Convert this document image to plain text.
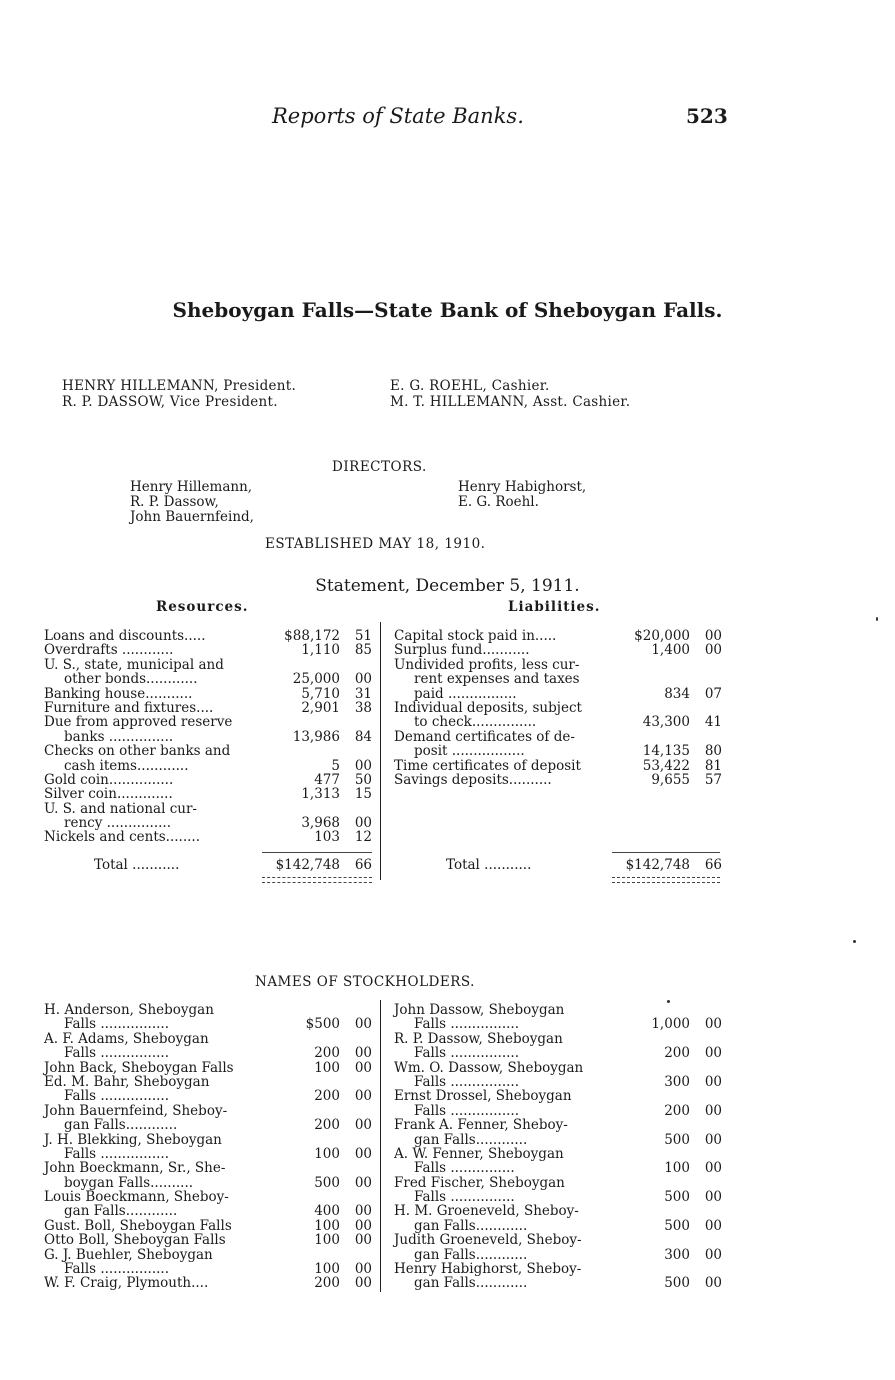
Reports of State Banks.	523
Sheboygan Falls—State Bank of Sheboygan Falls.
HENRY HILLEMANN, President.
R. P. DASSOW, Vice President.
E. G. ROEHL, Cashier.
M. T. HILLEMANN, Asst. Cashier.
DIRECTORS.
Henry Hillemann,
R. P. Dassow,
John Bauernfeind,
Henry Habighorst,
E. G. Roehl.
ESTABLISHED MAY 18, 1910.
Statement, December 5, 1911.
Resources.	Liabilities.
Loans and discounts.....	$88,172 51
Overdrafts ............	1,110 85
U. S., state, municipal and
other bonds............	25,000 00
Banking house...........	5,710 31
Furniture and fixtures....	2,901 38
Due from approved reserve
banks ...............	13,986 84
Checks on other banks and
cash items............	5 00
Gold coin...............	477 50
Silver coin.............	1,313 15
U. S. and national cur-
rency ...............	3,968 00
Nickels and cents........	103 12
Capital stock paid in.....	$20,000 00
Surplus fund...........	1,400 00
Undivided profits, less cur-
rent expenses and taxes
paid ................	834 07
Individual deposits, subject
to check...............	43,300 41
Demand certificates of de-
posit .................	14,135 80
Time certificates of deposit	53,422 81
Savings deposits..........	9,655 57
Total ...........	$142,748 66	Total ...........	$142,748 66
NAMES OF STOCKHOLDERS.
H. Anderson, Sheboygan
Falls ................	$500 00
A. F. Adams, Sheboygan
Falls ................	200 00
John Back, Sheboygan Falls	100 00
Ed. M. Bahr, Sheboygan
Falls ................	200 00
John Bauernfeind, Sheboy-
gan Falls............	200 00
J. H. Blekking, Sheboygan
Falls ................	100 00
John Boeckmann, Sr., She-
boygan Falls..........	500 00
Louis Boeckmann, Sheboy-
gan Falls............	400 00
Gust. Boll, Sheboygan Falls	100 00
Otto Boll, Sheboygan Falls	100 00
G. J. Buehler, Sheboygan
Falls ................	100 00
W. F. Craig, Plymouth....	200 00
John Dassow, Sheboygan
Falls ................	1,000 00
R. P. Dassow, Sheboygan
Falls ................	200 00
Wm. O. Dassow, Sheboygan
Falls ................	300 00
Ernst Drossel, Sheboygan
Falls ................	200 00
Frank A. Fenner, Sheboy-
gan Falls............	500 00
A. W. Fenner, Sheboygan
Falls ...............	100 00
Fred Fischer, Sheboygan
Falls ...............	500 00
H. M. Groeneveld, Sheboy-
gan Falls............	500 00
Judith Groeneveld, Sheboy-
gan Falls............	300 00
Henry Habighorst, Sheboy-
gan Falls............	500 00
